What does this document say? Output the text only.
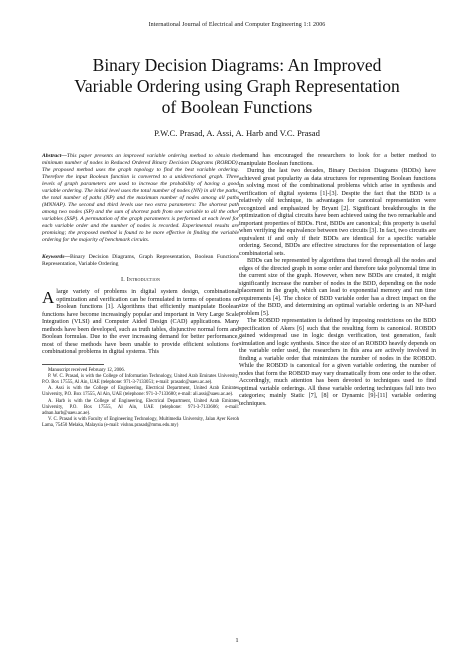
International Journal of Electrical and Computer Engineering 1:1 2006
Binary Decision Diagrams: An Improved
Variable Ordering using Graph Representation
of Boolean Functions
P.W.C. Prasad, A. Assi, A. Harb and V.C. Prasad

Abstract—This paper presents an improved variable ordering method to obtain the minimum number of nodes in Reduced Ordered Binary Decision Diagrams (ROBDD). The proposed method uses the graph topology to find the best variable ordering. Therefore the input Boolean function is converted to a unidirectional graph. Three levels of graph parameters are used to increase the probability of having a good variable ordering. The initial level uses the total number of nodes (NN) in all the paths, the total number of paths (NP) and the maximum number of nodes among all paths (MNNAP). The second and third levels use two extra parameters: The shortest path among two nodes (SP) and the sum of shortest path from one variable to all the other variables (SSP). A permutation of the graph parameters is performed at each level for each variable order and the number of nodes is recorded. Experimental results are promising; the proposed method is found to be more effective in finding the variable ordering for the majority of benchmark circuits.

Keywords—Binary Decision Diagrams, Graph Representation, Boolean Functions Representation, Variable Ordering

I. Introduction

Alarge variety of problems in digital system design, combinational optimization and verification can be formulated in terms of operations on Boolean functions [1]. Algorithms that efficiently manipulate Boolean functions have become increasingly popular and important in Very Large Scale Integration (VLSI) and Computer Aided Design (CAD) applications. Many methods have been developed, such as truth tables, disjunctive normal form and Boolean formulas. Due to the ever increasing demand for better performance, most of these methods have been unable to provide efficient solutions for combinational problems in digital systems. This

Manuscript received February 12, 2006.

P. W. C. Prasad, is with the College of Information Technology, United Arab Emirates University, P.O. Box 17555, Al Ain, UAE (telephone: 971-3-7133051; e-mail: prasadc@uaeu.ac.ae).

A. Assi is with the College of Engineering, Electrical Department, United Arab Emirates University, P.O. Box 17555, Al Ain, UAE (telephone: 971-3-7133680; e-mail: ali.assi@uaeu.ac.ae).

A. Harb is with the College of Engineering, Electrical Department, United Arab Emirates University, P.O. Box 17555, Al Ain, UAE (telephone: 971-3-7133606; e-mail: adnan.harb@uaeu.ac.ae).

V. C. Prasad is with Faculty of Engineering Technology, Multimedia University, Jalan Ayer Keroh Lama, 75450 Melaka, Malaysia (e-mail: vishnu.prasad@mmu.edu.my)

demand has encouraged the researchers to look for a better method to manipulate Boolean functions.

During the last two decades, Binary Decision Diagrams (BDDs) have achieved great popularity as data structures for representing Boolean functions in solving most of the combinational problems which arise in synthesis and verification of digital systems [1]-[3]. Despite the fact that the BDD is a relatively old technique, its advantages for canonical representation were recognized and emphasized by Bryant [2]. Significant breakthroughs in the optimization of digital circuits have been achieved using the two remarkable and important properties of BDDs. First, BDDs are canonical; this property is useful when verifying the equivalence between two circuits [3]. In fact, two circuits are equivalent if and only if their BDDs are identical for a specific variable ordering. Second, BDDs are effective structures for the representation of large combinatorial sets.

BDDs can be represented by algorithms that travel through all the nodes and edges of the directed graph in some order and therefore take polynomial time in the current size of the graph. However, when new BDDs are created, it might significantly increase the number of nodes in the BDD, depending on the node placement in the graph, which can lead to exponential memory and run time requirements [4]. The choice of BDD variable order has a direct impact on the size of the BDD, and determining an optimal variable ordering is an NP-hard problem [5].

The ROBDD representation is defined by imposing restrictions on the BDD specification of Akers [6] such that the resulting form is canonical. ROBDD gained widespread use in logic design verification, test generation, fault simulation and logic synthesis. Since the size of an ROBDD heavily depends on the variable order used, the researchers in this area are actively involved in finding a variable order that minimizes the number of nodes in the ROBDD. While the ROBDD is canonical for a given variable ordering, the number of nodes that form the ROBDD may vary dramatically from one order to the other. Accordingly, much attention has been devoted to techniques used to find optimal variable orderings. All these variable ordering techniques fall into two categories; mainly Static [7], [8] or Dynamic [9]-[11] variable ordering techniques.

1
